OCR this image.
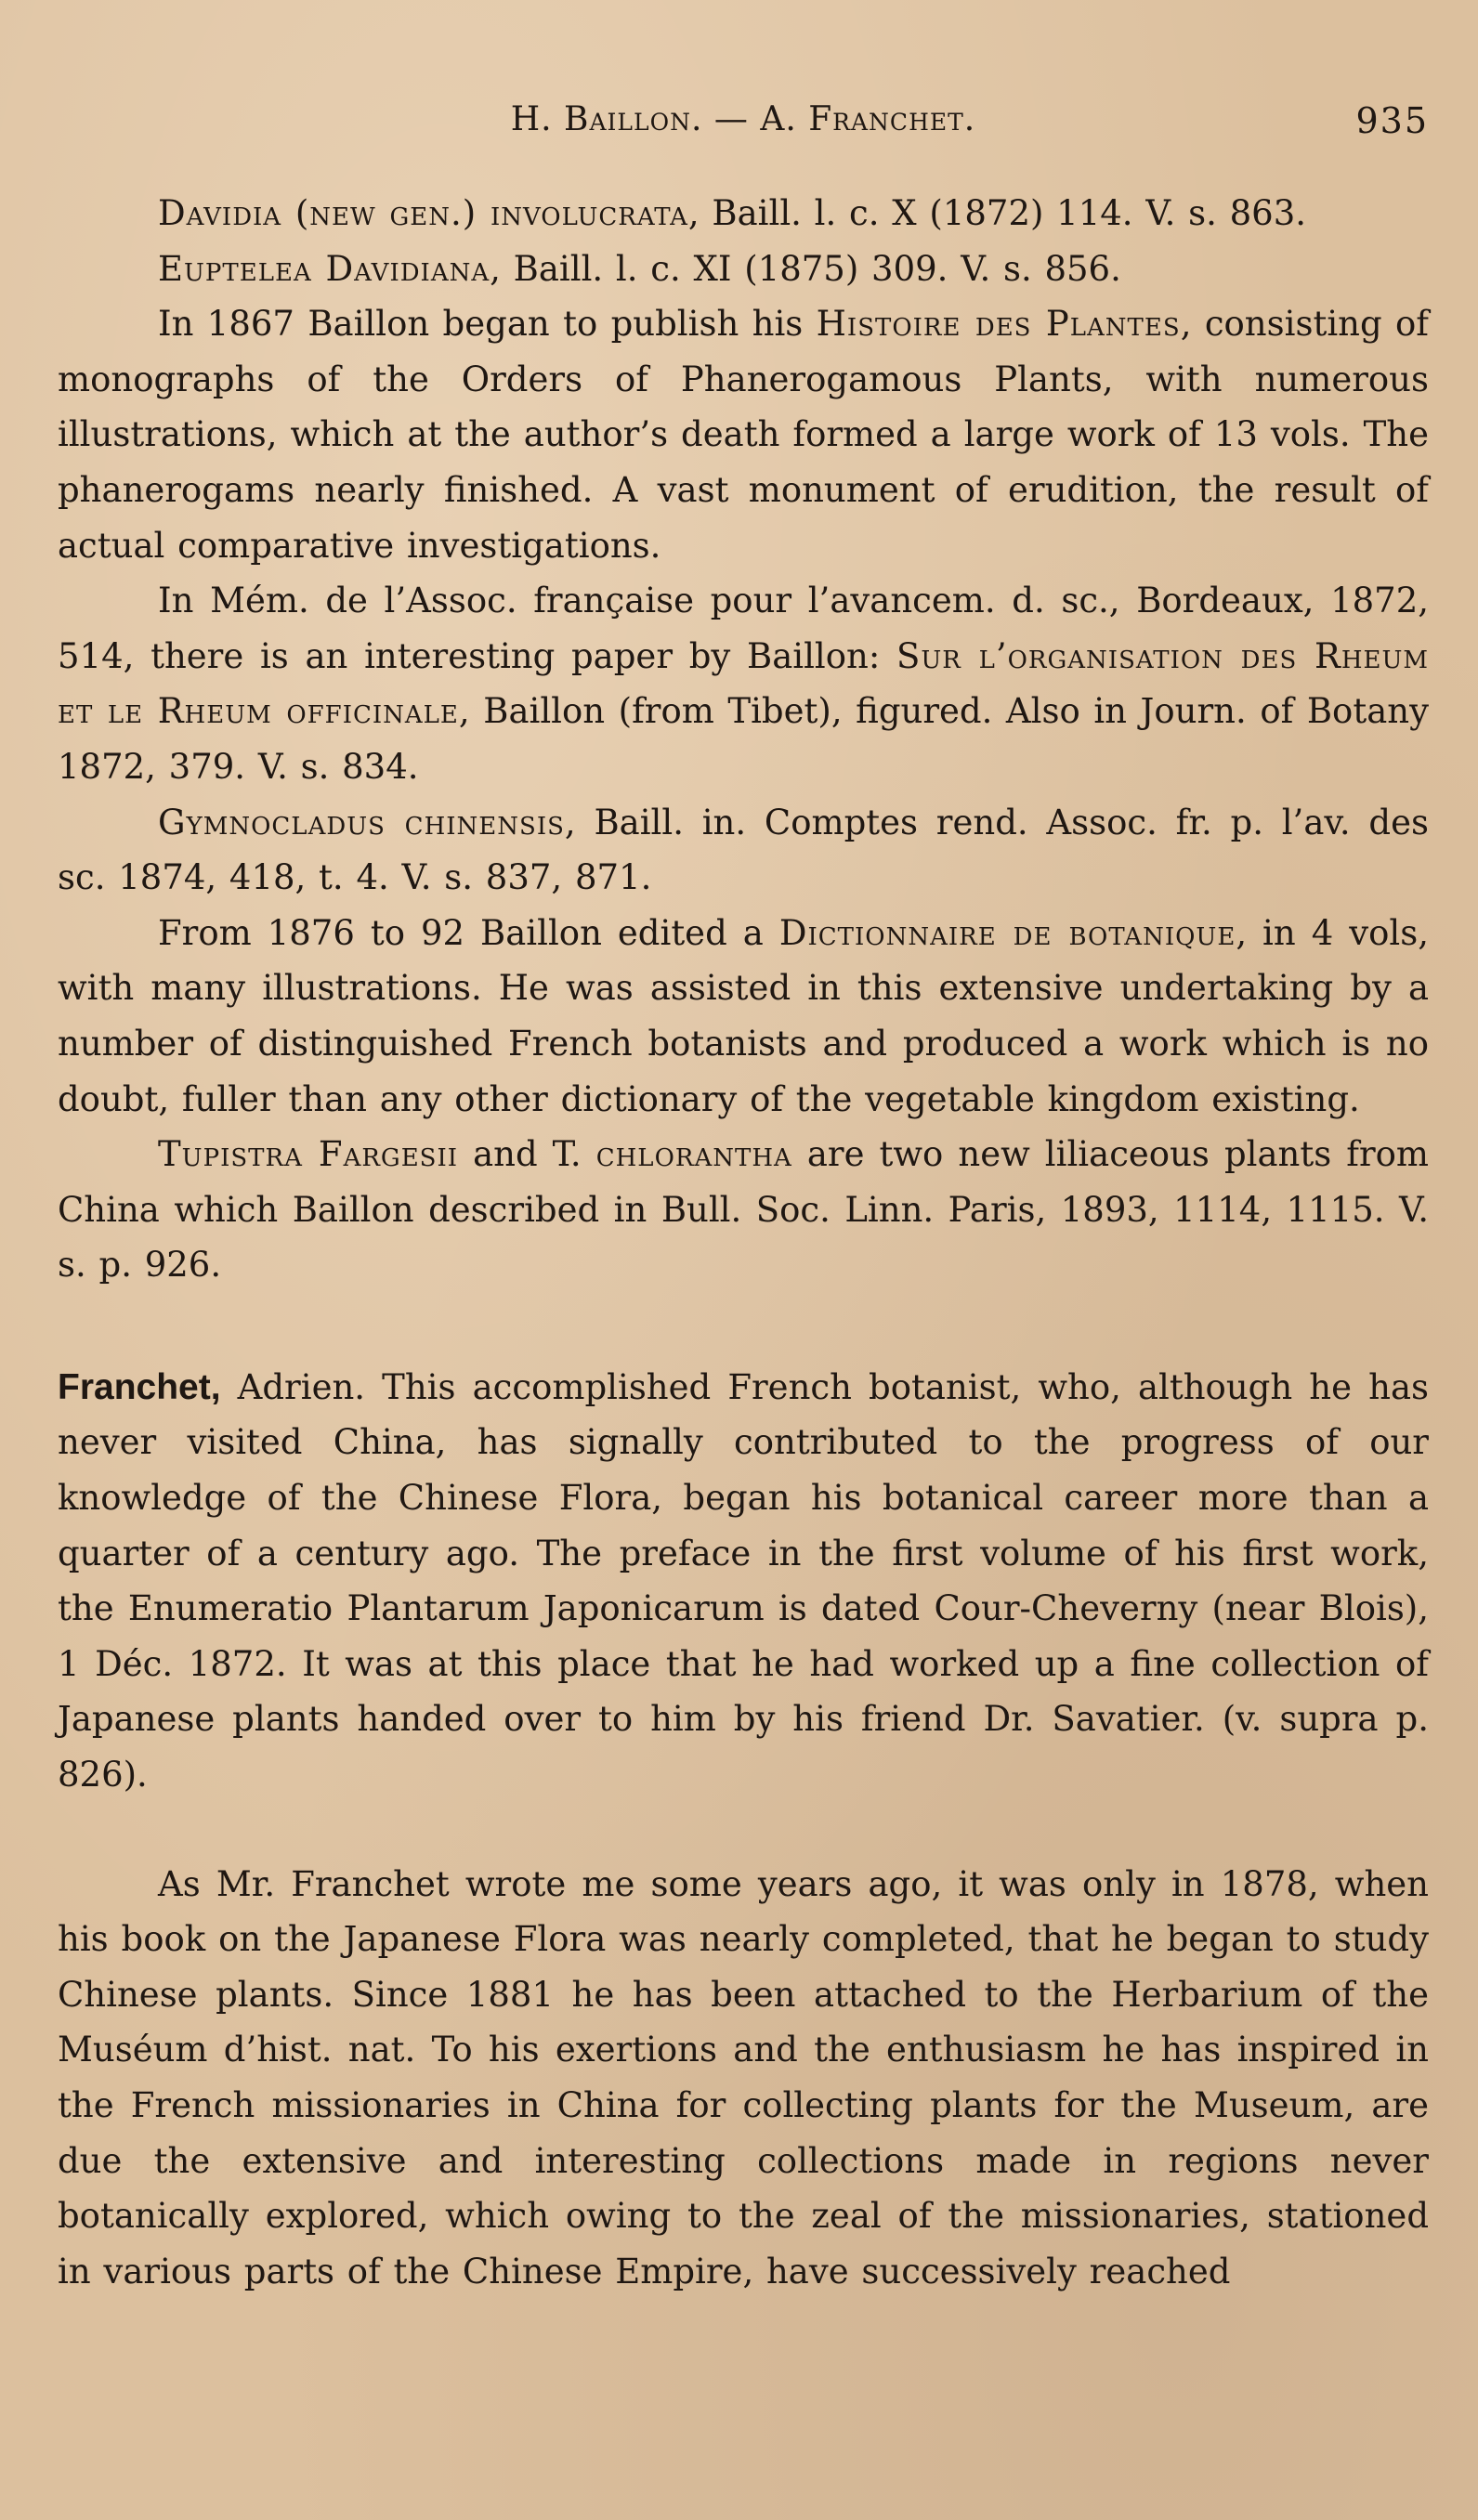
H. Baillon. — A. Franchet.	935

Davidia (new gen.) involucrata, Baill. l. c. X (1872) 114. V. s. 863.

Euptelea Davidiana, Baill. l. c. XI (1875) 309. V. s. 856.

In 1867 Baillon began to publish his Histoire des Plantes, consisting of monographs of the Orders of Phanerogamous Plants, with numerous illustrations, which at the author’s death formed a large work of 13 vols. The phanerogams nearly finished. A vast monument of erudition, the result of actual comparative investigations.

In Mém. de l’Assoc. française pour l’avancem. d. sc., Bordeaux, 1872, 514, there is an interesting paper by Baillon: Sur l’organisation des Rheum et le Rheum officinale, Baillon (from Tibet), figured. Also in Journ. of Botany 1872, 379. V. s. 834.

Gymnocladus chinensis, Baill. in. Comptes rend. Assoc. fr. p. l’av. des sc. 1874, 418, t. 4. V. s. 837, 871.

From 1876 to 92 Baillon edited a Dictionnaire de botanique, in 4 vols, with many illustrations. He was assisted in this extensive undertaking by a number of distinguished French botanists and produced a work which is no doubt, fuller than any other dictionary of the vegetable kingdom existing.

Tupistra Fargesii and T. chlorantha are two new liliaceous plants from China which Baillon described in Bull. Soc. Linn. Paris, 1893, 1114, 1115. V. s. p. 926.

Franchet, Adrien. This accomplished French botanist, who, although he has never visited China, has signally contributed to the progress of our knowledge of the Chinese Flora, began his botanical career more than a quarter of a century ago. The preface in the first volume of his first work, the Enumeratio Plantarum Japonicarum is dated Cour-Cheverny (near Blois), 1 Déc. 1872. It was at this place that he had worked up a fine collection of Japanese plants handed over to him by his friend Dr. Savatier. (v. supra p. 826).

As Mr. Franchet wrote me some years ago, it was only in 1878, when his book on the Japanese Flora was nearly completed, that he began to study Chinese plants. Since 1881 he has been attached to the Herbarium of the Muséum d’hist. nat. To his exertions and the enthusiasm he has inspired in the French missionaries in China for collecting plants for the Museum, are due the extensive and interesting collections made in regions never botanically explored, which owing to the zeal of the missionaries, stationed in various parts of the Chinese Empire, have successively reached
